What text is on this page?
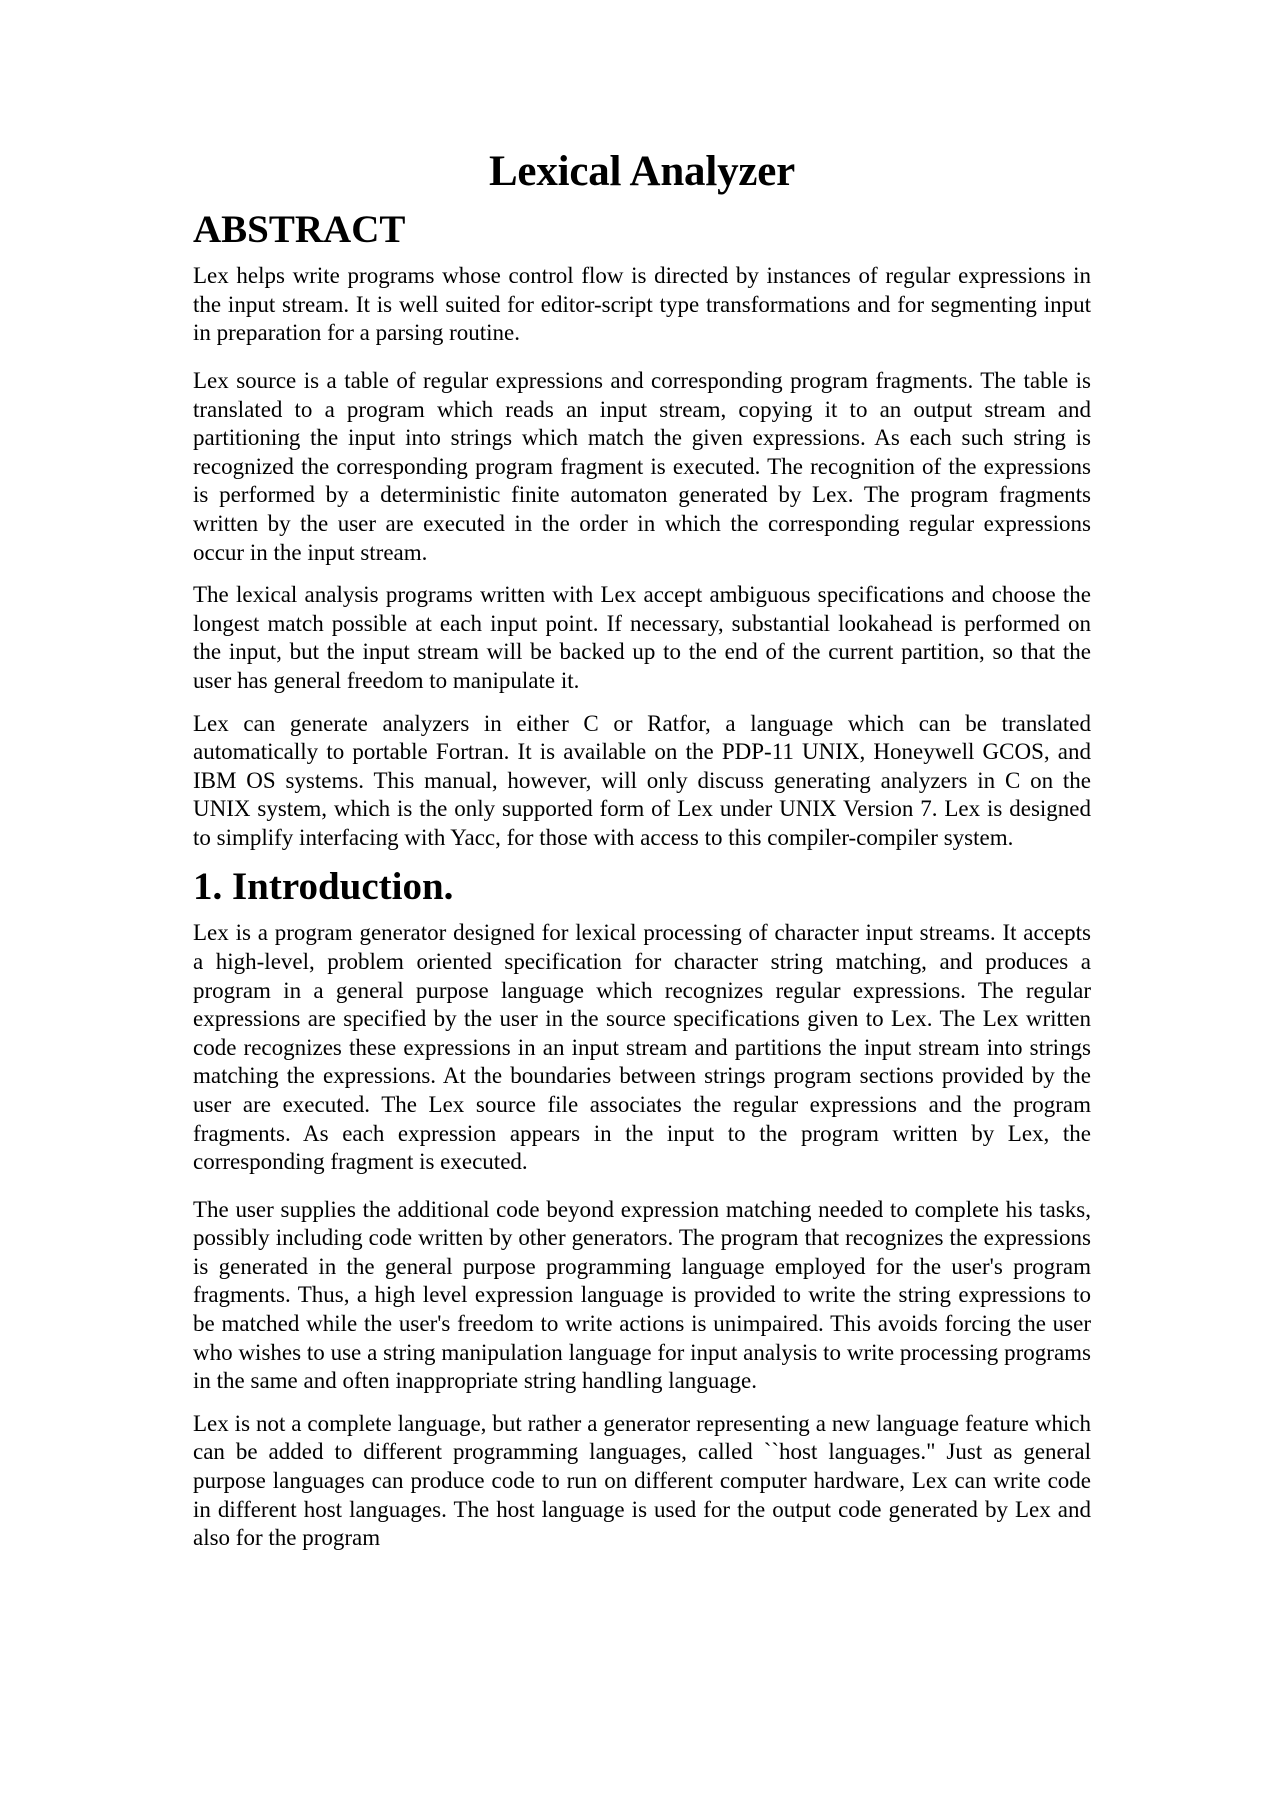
Lexical Analyzer
ABSTRACT

Lex helps write programs whose control flow is directed by instances of regular expressions in the input stream. It is well suited for editor-script type transformations and for segmenting input in preparation for a parsing routine.

Lex source is a table of regular expressions and corresponding program fragments. The table is translated to a program which reads an input stream, copying it to an output stream and partitioning the input into strings which match the given expressions. As each such string is recognized the corresponding program fragment is executed. The recognition of the expressions is performed by a deterministic finite automaton generated by Lex. The program fragments written by the user are executed in the order in which the corresponding regular expressions occur in the input stream.

The lexical analysis programs written with Lex accept ambiguous specifications and choose the longest match possible at each input point. If necessary, substantial lookahead is performed on the input, but the input stream will be backed up to the end of the current partition, so that the user has general freedom to manipulate it.

Lex can generate analyzers in either C or Ratfor, a language which can be translated automatically to portable Fortran. It is available on the PDP-11 UNIX, Honeywell GCOS, and IBM OS systems. This manual, however, will only discuss generating analyzers in C on the UNIX system, which is the only supported form of Lex under UNIX Version 7. Lex is designed to simplify interfacing with Yacc, for those with access to this compiler-compiler system.

1. Introduction.

Lex is a program generator designed for lexical processing of character input streams. It accepts a high-level, problem oriented specification for character string matching, and produces a program in a general purpose language which recognizes regular expressions. The regular expressions are specified by the user in the source specifications given to Lex. The Lex written code recognizes these expressions in an input stream and partitions the input stream into strings matching the expressions. At the boundaries between strings program sections provided by the user are executed. The Lex source file associates the regular expressions and the program fragments. As each expression appears in the input to the program written by Lex, the corresponding fragment is executed.

The user supplies the additional code beyond expression matching needed to complete his tasks, possibly including code written by other generators. The program that recognizes the expressions is generated in the general purpose programming language employed for the user's program fragments. Thus, a high level expression language is provided to write the string expressions to be matched while the user's freedom to write actions is unimpaired. This avoids forcing the user who wishes to use a string manipulation language for input analysis to write processing programs in the same and often inappropriate string handling language.

Lex is not a complete language, but rather a generator representing a new language feature which can be added to different programming languages, called ``host languages." Just as general purpose languages can produce code to run on different computer hardware, Lex can write code in different host languages. The host language is used for the output code generated by Lex and also for the program
